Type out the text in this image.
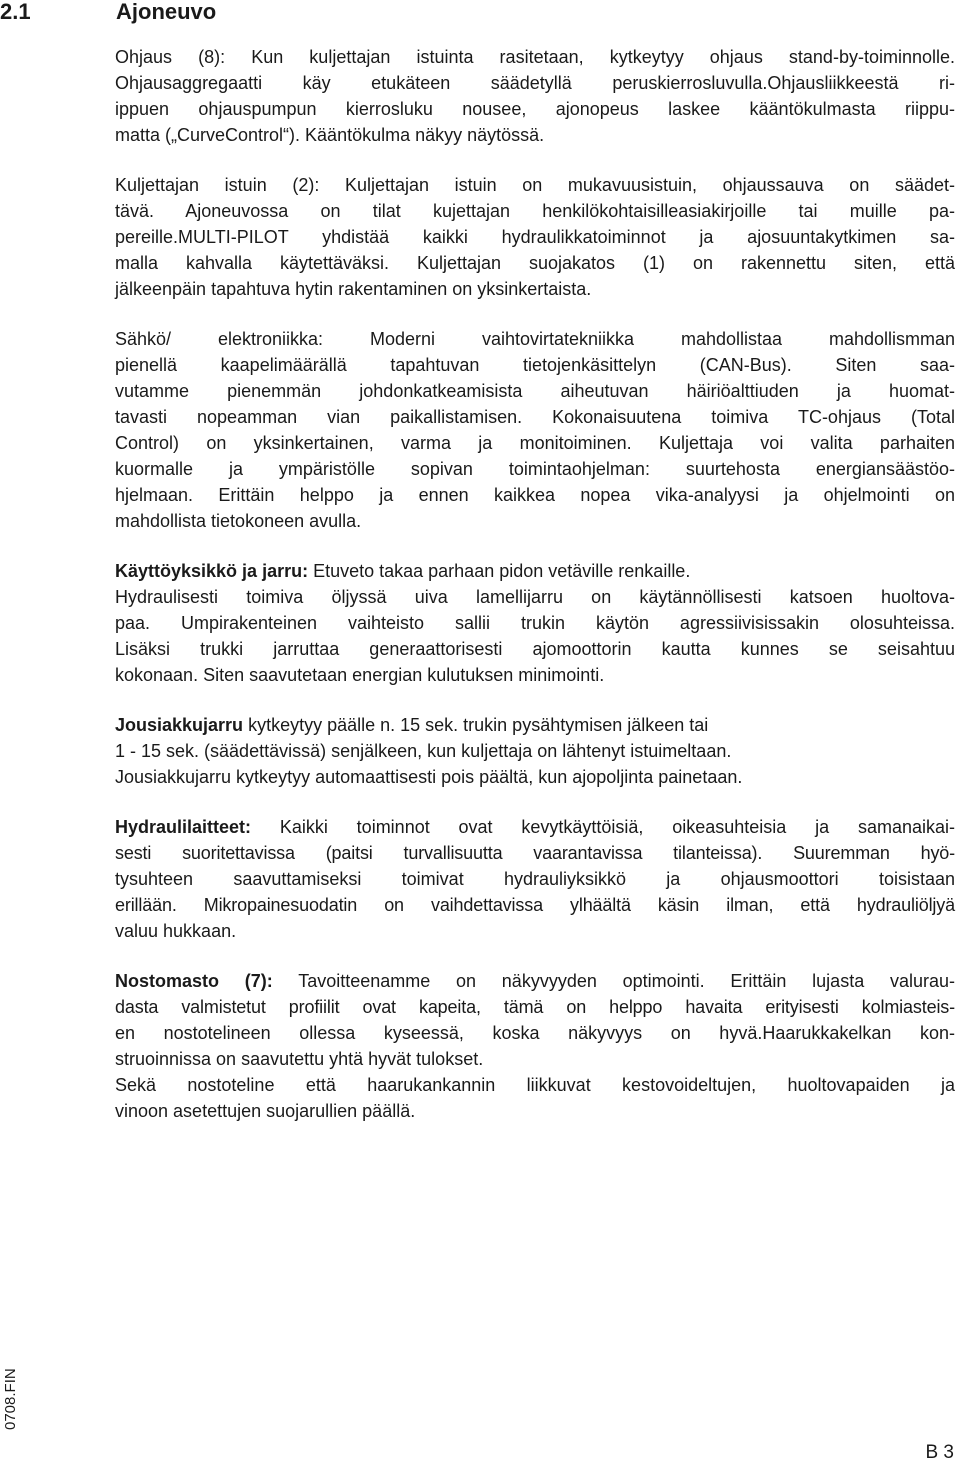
2.1	Ajoneuvo

Ohjaus (8): Kun kuljettajan istuinta rasitetaan, kytkeytyy ohjaus stand-by-toiminnolle.
Ohjausaggregaatti käy etukäteen säädetyllä peruskierrosluvulla.Ohjausliikkeestä ri-
ippuen ohjauspumpun kierrosluku nousee, ajonopeus laskee kääntökulmasta riippu-
matta („CurveControl“). Kääntökulma näkyy näytössä.

Kuljettajan istuin (2): Kuljettajan istuin on mukavuusistuin, ohjaussauva on säädet-
tävä. Ajoneuvossa on tilat kujettajan henkilökohtaisilleasiakirjoille tai muille pa-
pereille.MULTI-PILOT yhdistää kaikki hydraulikkatoiminnot ja ajosuuntakytkimen sa-
malla kahvalla käytettäväksi. Kuljettajan suojakatos (1) on rakennettu siten, että
jälkeenpäin tapahtuva hytin rakentaminen on yksinkertaista.

Sähkö/ elektroniikka: Moderni vaihtovirtatekniikka mahdollistaa mahdollismman
pienellä kaapelimäärällä tapahtuvan tietojenkäsittelyn (CAN-Bus). Siten saa-
vutamme pienemmän johdonkatkeamisista aiheutuvan häiriöalttiuden ja huomat-
tavasti nopeamman vian paikallistamisen. Kokonaisuutena toimiva TC-ohjaus (Total
Control) on yksinkertainen, varma ja monitoiminen. Kuljettaja voi valita parhaiten
kuormalle ja ympäristölle sopivan toimintaohjelman: suurtehosta energiansäästöo-
hjelmaan. Erittäin helppo ja ennen kaikkea nopea vika-analyysi ja ohjelmointi on
mahdollista tietokoneen avulla.

Käyttöyksikkö ja jarru: Etuveto takaa parhaan pidon vetäville renkaille.
Hydraulisesti toimiva öljyssä uiva lamellijarru on käytännöllisesti katsoen huoltova-
paa. Umpirakenteinen vaihteisto sallii trukin käytön agressiivisissakin olosuhteissa.
Lisäksi trukki jarruttaa generaattorisesti ajomoottorin kautta kunnes se seisahtuu
kokonaan. Siten saavutetaan energian kulutuksen minimointi.

Jousiakkujarru kytkeytyy päälle n. 15 sek. trukin pysähtymisen jälkeen tai
1 - 15 sek. (säädettävissä) senjälkeen, kun kuljettaja on lähtenyt istuimeltaan.
Jousiakkujarru kytkeytyy automaattisesti pois päältä, kun ajopoljinta painetaan.

Hydraulilaitteet: Kaikki toiminnot ovat kevytkäyttöisiä, oikeasuhteisia ja samanaikai-
sesti suoritettavissa (paitsi turvallisuutta vaarantavissa tilanteissa). Suuremman hyö-
tysuhteen saavuttamiseksi toimivat hydrauliyksikkö ja ohjausmoottori toisistaan
erillään. Mikropainesuodatin on vaihdettavissa ylhäältä käsin ilman, että hydrauliöljyä
valuu hukkaan.

Nostomasto (7): Tavoitteenamme on näkyvyyden optimointi. Erittäin lujasta valurau-
dasta valmistetut profiilit ovat kapeita, tämä on helppo havaita erityisesti kolmiasteis-
en nostotelineen ollessa kyseessä, koska näkyvyys on hyvä.Haarukkakelkan kon-
struoinnissa on saavutettu yhtä hyvät tulokset.
Sekä nostoteline että haarukankannin liikkuvat kestovoideltujen, huoltovapaiden ja
vinoon asetettujen suojarullien päällä.

0708.FIN
B 3
